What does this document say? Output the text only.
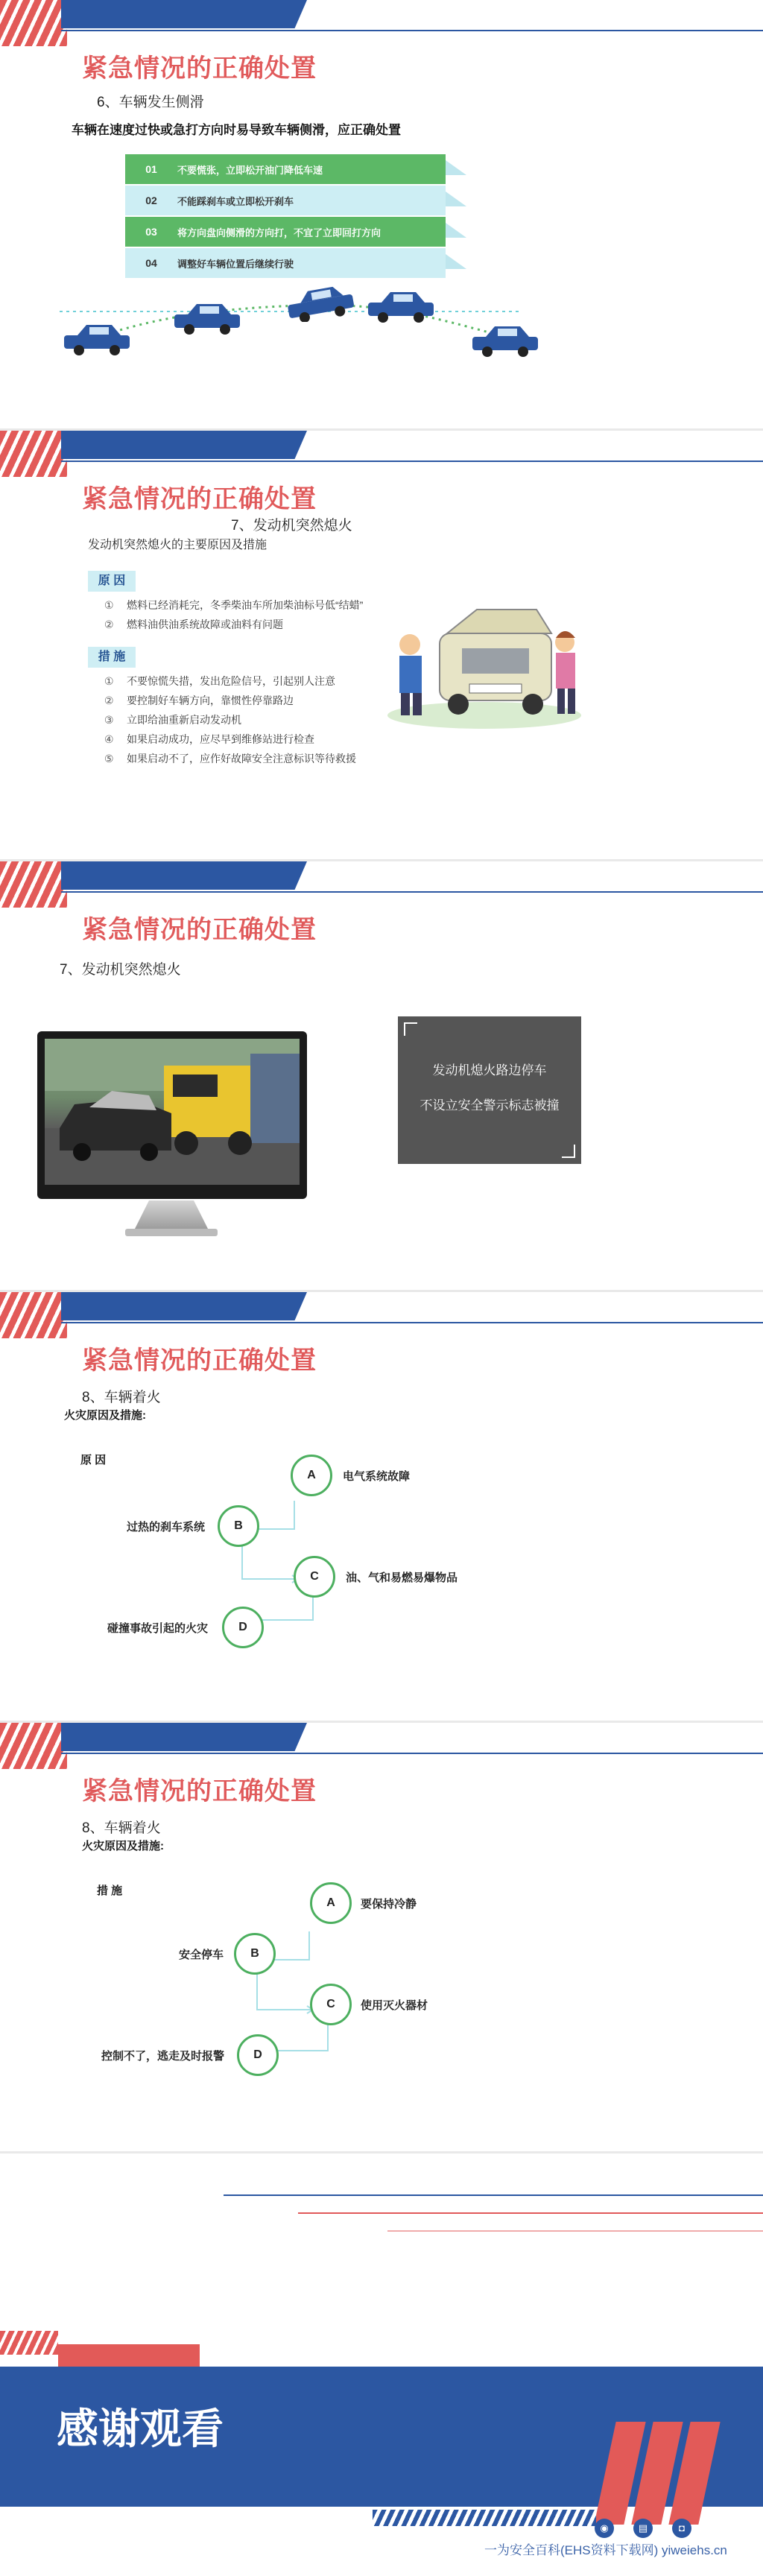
紧急情况的正确处置
6、车辆发生侧滑
车辆在速度过快或急打方向时易导致车辆侧滑，应正确处置
01	不要慌张，立即松开油门降低车速
02	不能踩刹车或立即松开刹车
03	将方向盘向侧滑的方向打，不宜了立即回打方向
04	调整好车辆位置后继续行驶
紧急情况的正确处置
7、发动机突然熄火
发动机突然熄火的主要原因及措施
原 因
① 燃料已经消耗完，冬季柴油车所加柴油标号低“结蜡”
② 燃料油供油系统故障或油料有问题
措 施
① 不要惊慌失措，发出危险信号，引起别人注意
② 要控制好车辆方向，靠惯性停靠路边
③ 立即给油重新启动发动机
④ 如果启动成功，应尽早到维修站进行检查
⑤ 如果启动不了，应作好故障安全注意标识等待救援
紧急情况的正确处置
7、发动机突然熄火
发动机熄火路边停车
不设立安全警示标志被撞
紧急情况的正确处置
8、车辆着火
火灾原因及措施:
原 因
A	电气系统故障
B
过热的刹车系统
C	油、气和易燃易爆物品
D
碰撞事故引起的火灾
紧急情况的正确处置
8、车辆着火
火灾原因及措施:
措 施
A	要保持冷静
B
安全停车
C	使用灭火器材
D
控制不了，逃走及时报警
感谢观看
◉	▤	◘
一为安全百科(EHS资料下载网) yiweiehs.cn
